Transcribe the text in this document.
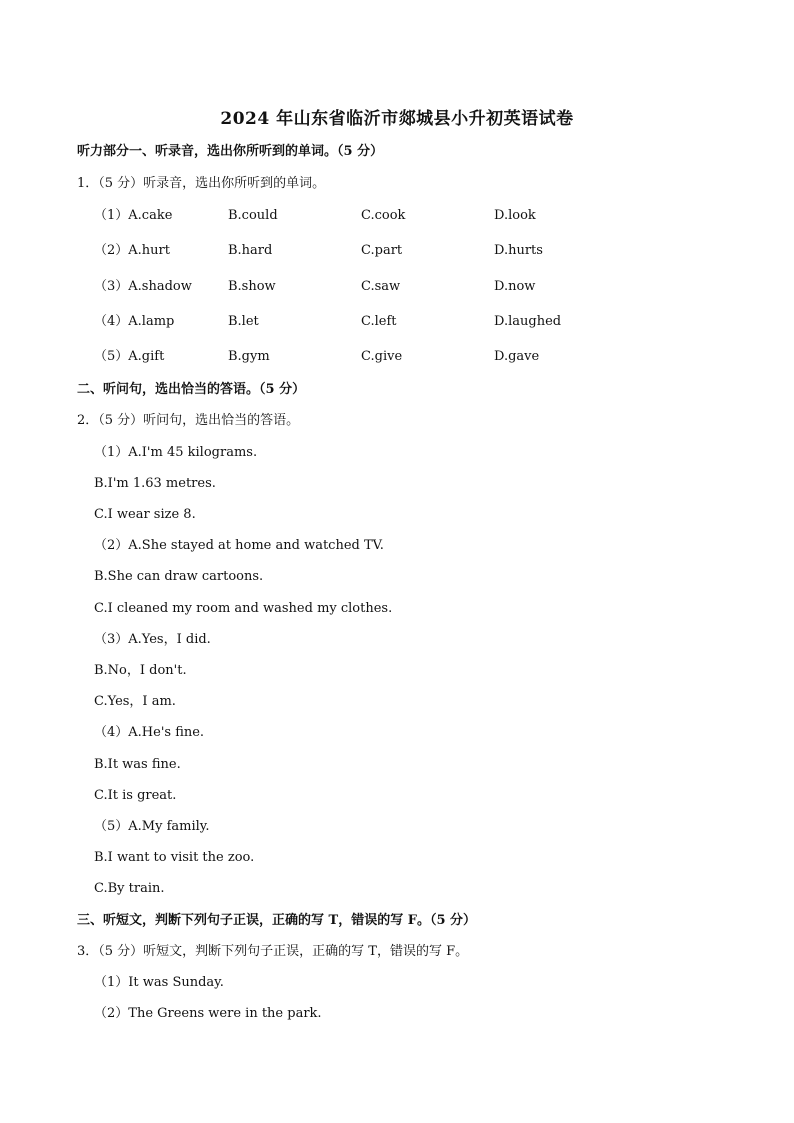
2024 年山东省临沂市郯城县小升初英语试卷
听力部分一、听录音，选出你所听到的单词。（5 分）
1．（5 分）听录音，选出你所听到的单词。
（1）A.cake	B.could	C.cook	D.look
（2）A.hurt	B.hard	C.part	D.hurts
（3）A.shadow	B.show	C.saw	D.now
（4）A.lamp	B.let	C.left	D.laughed
（5）A.gift	B.gym	C.give	D.gave
二、听问句，选出恰当的答语。（5 分）
2．（5 分）听问句，选出恰当的答语。
（1）A.I'm 45 kilograms.
B.I'm 1.63 metres.
C.I wear size 8.
（2）A.She stayed at home and watched TV.
B.She can draw cartoons.
C.I cleaned my room and washed my clothes.
（3）A.Yes，I did.
B.No，I don't.
C.Yes，I am.
（4）A.He's fine.
B.It was fine.
C.It is great.
（5）A.My family.
B.I want to visit the zoo.
C.By train.
三、听短文，判断下列句子正误，正确的写 T，错误的写 F。（5 分）
3．（5 分）听短文，判断下列句子正误，正确的写 T，错误的写 F。
（1）It was Sunday.
（2）The Greens were in the park.
